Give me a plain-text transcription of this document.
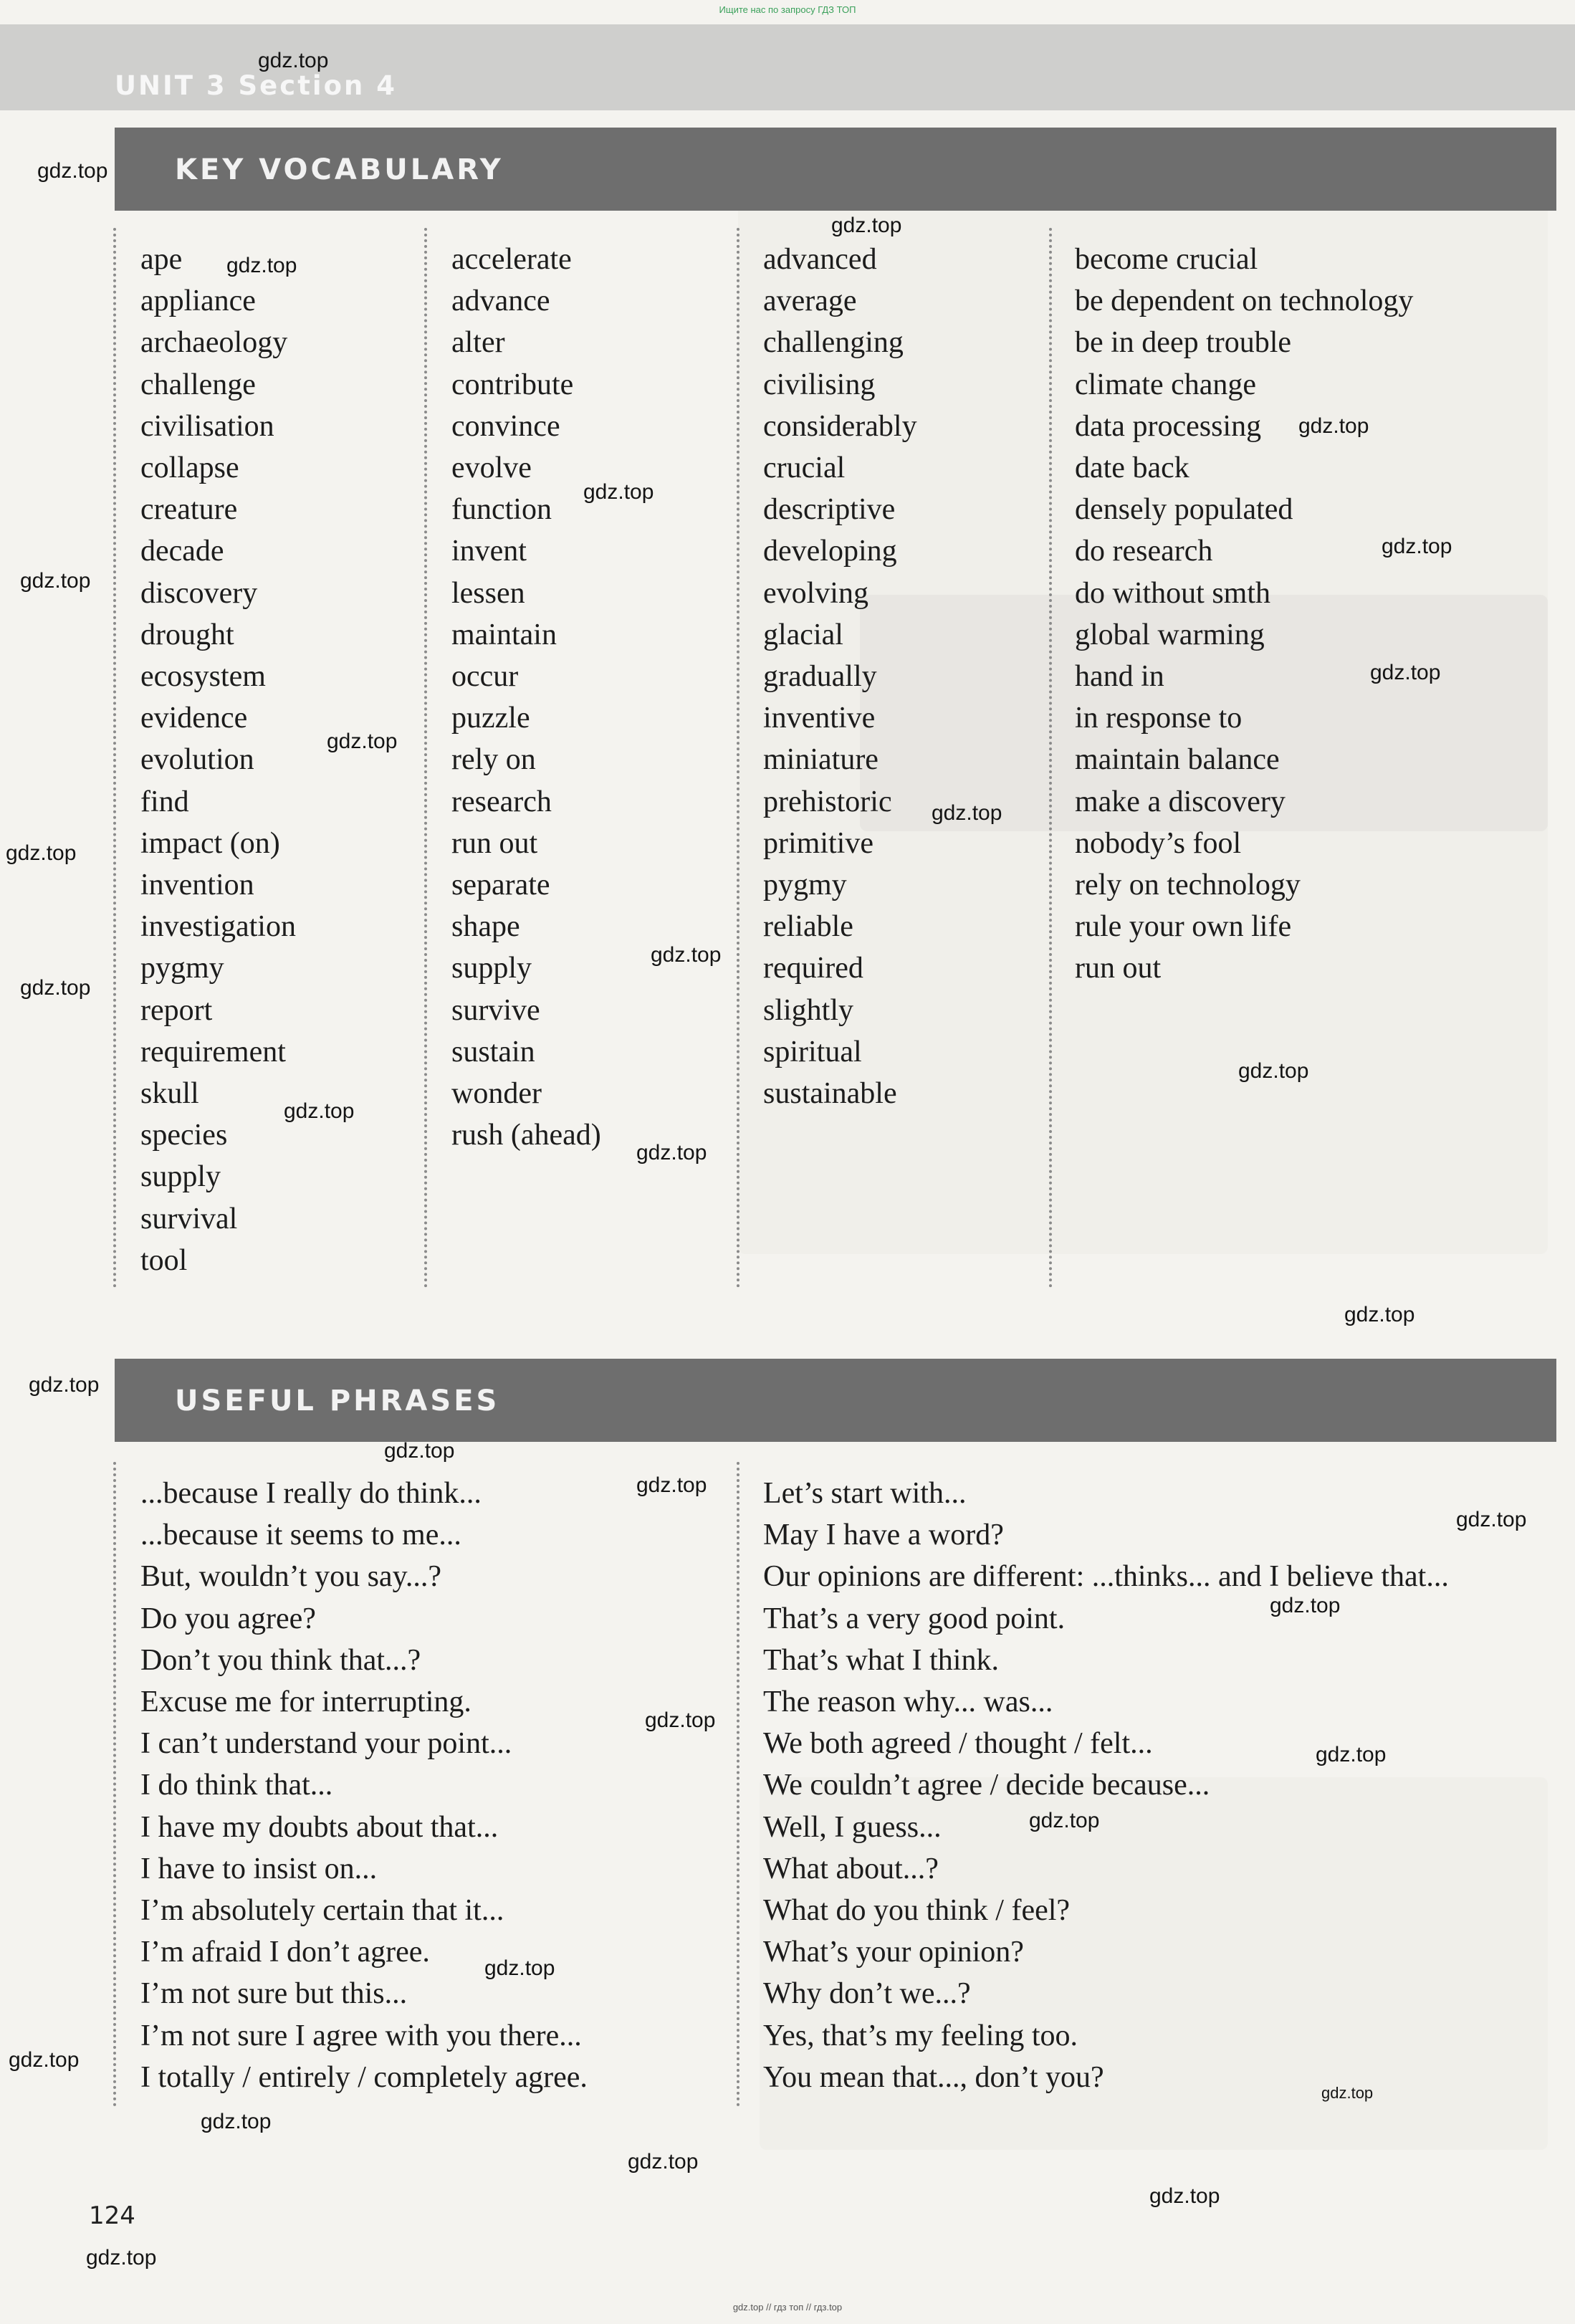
Ищите нас по запросу ГДЗ ТОП
UNIT 3 Section 4
KEY VOCABULARY
ape
appliance
archaeology
challenge
civilisation
collapse
creature
decade
discovery
drought
ecosystem
evidence
evolution
find
impact (on)
invention
investigation
pygmy
report
requirement
skull
species
supply
survival
tool
accelerate
advance
alter
contribute
convince
evolve
function
invent
lessen
maintain
occur
puzzle
rely on
research
run out
separate
shape
supply
survive
sustain
wonder
rush (ahead)
advanced
average
challenging
civilising
considerably
crucial
descriptive
developing
evolving
glacial
gradually
inventive
miniature
prehistoric
primitive
pygmy
reliable
required
slightly
spiritual
sustainable
become crucial
be dependent on technology
be in deep trouble
climate change
data processing
date back
densely populated
do research
do without smth
global warming
hand in
in response to
maintain balance
make a discovery
nobody’s fool
rely on technology
rule your own life
run out
USEFUL PHRASES
...because I really do think...
...because it seems to me...
But, wouldn’t you say...?
Do you agree?
Don’t you think that...?
Excuse me for interrupting.
I can’t understand your point...
I do think that...
I have my doubts about that...
I have to insist on...
I’m absolutely certain that it...
I’m afraid I don’t agree.
I’m not sure but this...
I’m not sure I agree with you there...
I totally / entirely / completely agree.
Let’s start with...
May I have a word?
Our opinions are different: ...thinks... and I believe that...
That’s a very good point.
That’s what I think.
The reason why... was...
We both agreed / thought / felt...
We couldn’t agree / decide because...
Well, I guess...
What about...?
What do you think / feel?
What’s your opinion?
Why don’t we...?
Yes, that’s my feeling too.
You mean that..., don’t you?
124
gdz.top
gdz.top
gdz.top
gdz.top
gdz.top
gdz.top
gdz.top
gdz.top
gdz.top
gdz.top
gdz.top
gdz.top
gdz.top
gdz.top
gdz.top
gdz.top
gdz.top
gdz.top
gdz.top
gdz.top
gdz.top
gdz.top
gdz.top
gdz.top
gdz.top
gdz.top
gdz.top
gdz.top
gdz.top
gdz.top
gdz.top
gdz.top
gdz.top
gdz.top // гдз топ // гдз.top
